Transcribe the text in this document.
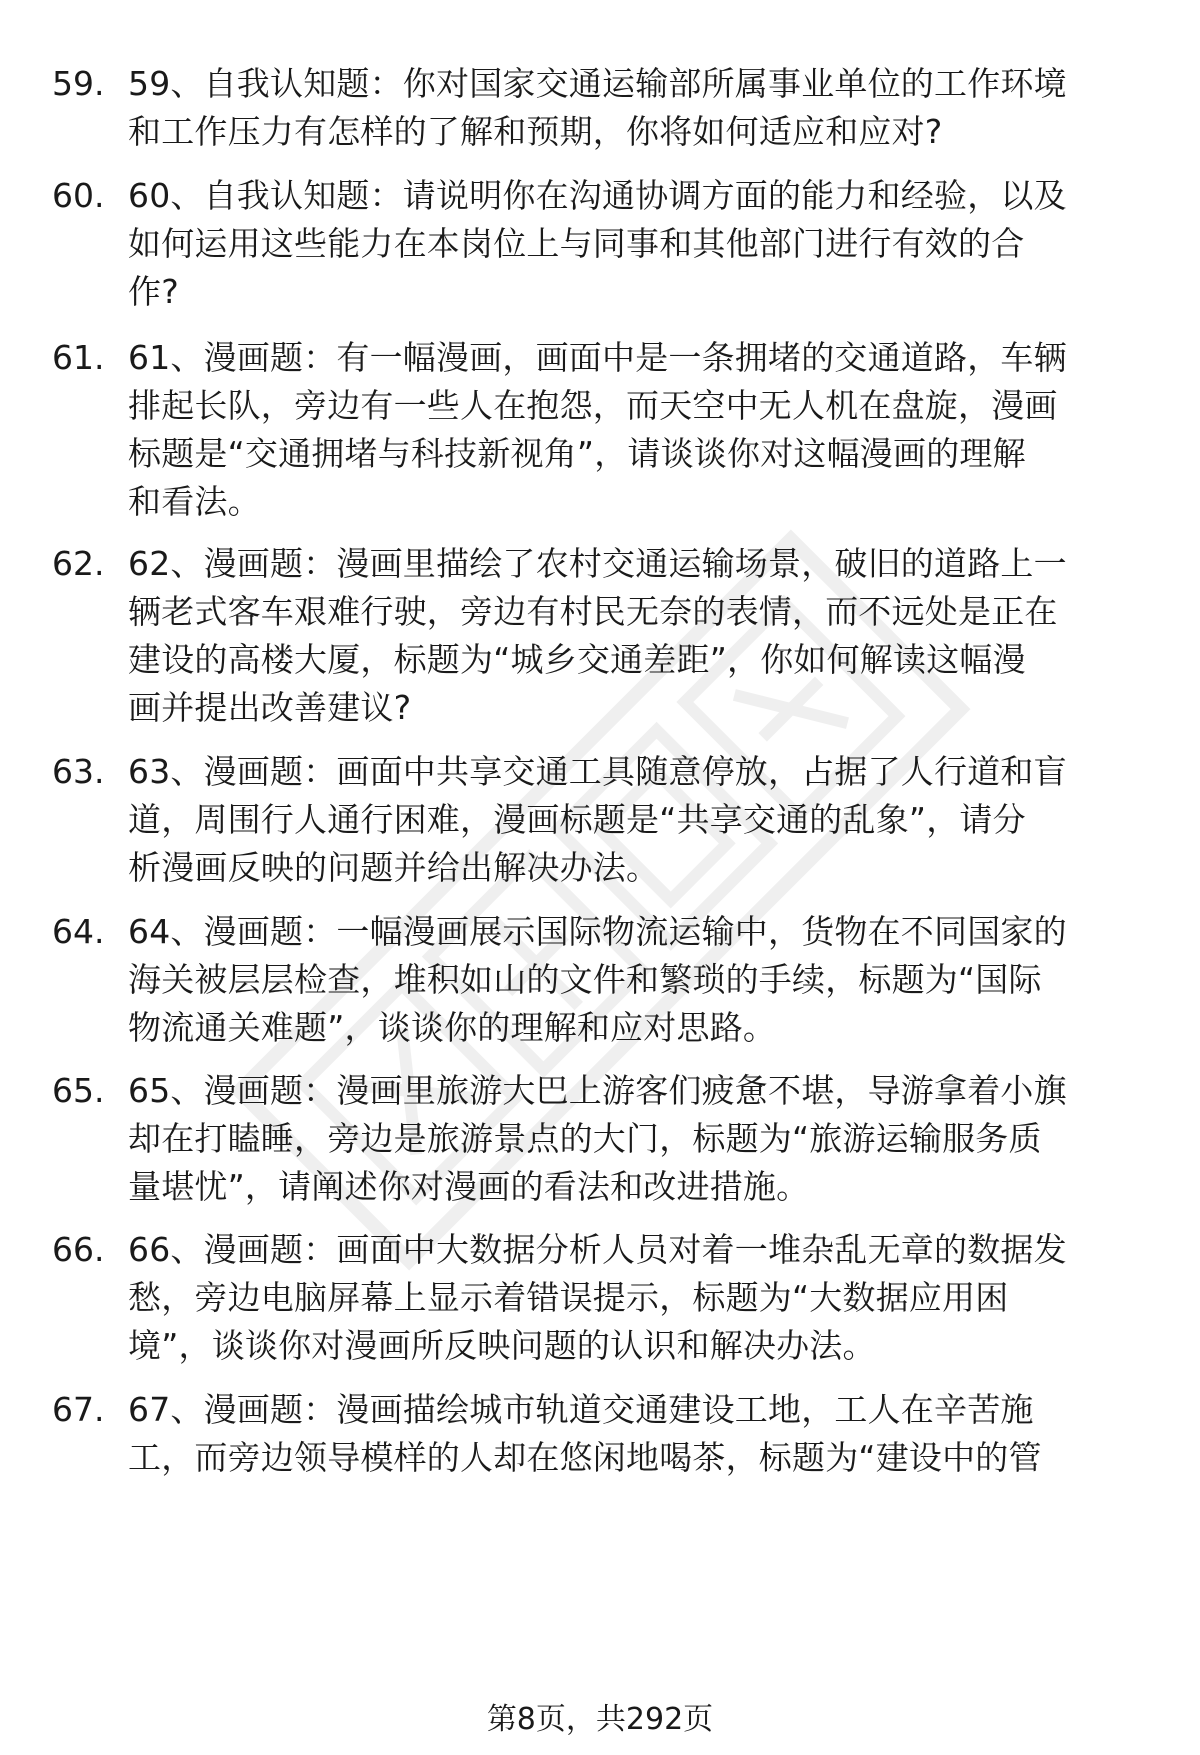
59. 59、自我认知题：你对国家交通运输部所属事业单位的工作环境
和工作压力有怎样的了解和预期，你将如何适应和应对?
60. 60、自我认知题：请说明你在沟通协调方面的能力和经验，以及
如何运用这些能力在本岗位上与同事和其他部门进行有效的合
作?
61. 61、漫画题：有一幅漫画，画面中是一条拥堵的交通道路，车辆
排起长队，旁边有一些人在抱怨，而天空中无人机在盘旋，漫画
标题是“交通拥堵与科技新视角”，请谈谈你对这幅漫画的理解
和看法。
62. 62、漫画题：漫画里描绘了农村交通运输场景，破旧的道路上一
辆老式客车艰难行驶，旁边有村民无奈的表情，而不远处是正在
建设的高楼大厦，标题为“城乡交通差距”，你如何解读这幅漫
画并提出改善建议?
63. 63、漫画题：画面中共享交通工具随意停放，占据了人行道和盲
道，周围行人通行困难，漫画标题是“共享交通的乱象”，请分
析漫画反映的问题并给出解决办法。
64. 64、漫画题：一幅漫画展示国际物流运输中，货物在不同国家的
海关被层层检查，堆积如山的文件和繁琐的手续，标题为“国际
物流通关难题”，谈谈你的理解和应对思路。
65. 65、漫画题：漫画里旅游大巴上游客们疲惫不堪，导游拿着小旗
却在打瞌睡，旁边是旅游景点的大门，标题为“旅游运输服务质
量堪忧”，请阐述你对漫画的看法和改进措施。
66. 66、漫画题：画面中大数据分析人员对着一堆杂乱无章的数据发
愁，旁边电脑屏幕上显示着错误提示，标题为“大数据应用困
境”，谈谈你对漫画所反映问题的认识和解决办法。
67. 67、漫画题：漫画描绘城市轨道交通建设工地，工人在辛苦施
工，而旁边领导模样的人却在悠闲地喝茶，标题为“建设中的管
第8页，共292页
